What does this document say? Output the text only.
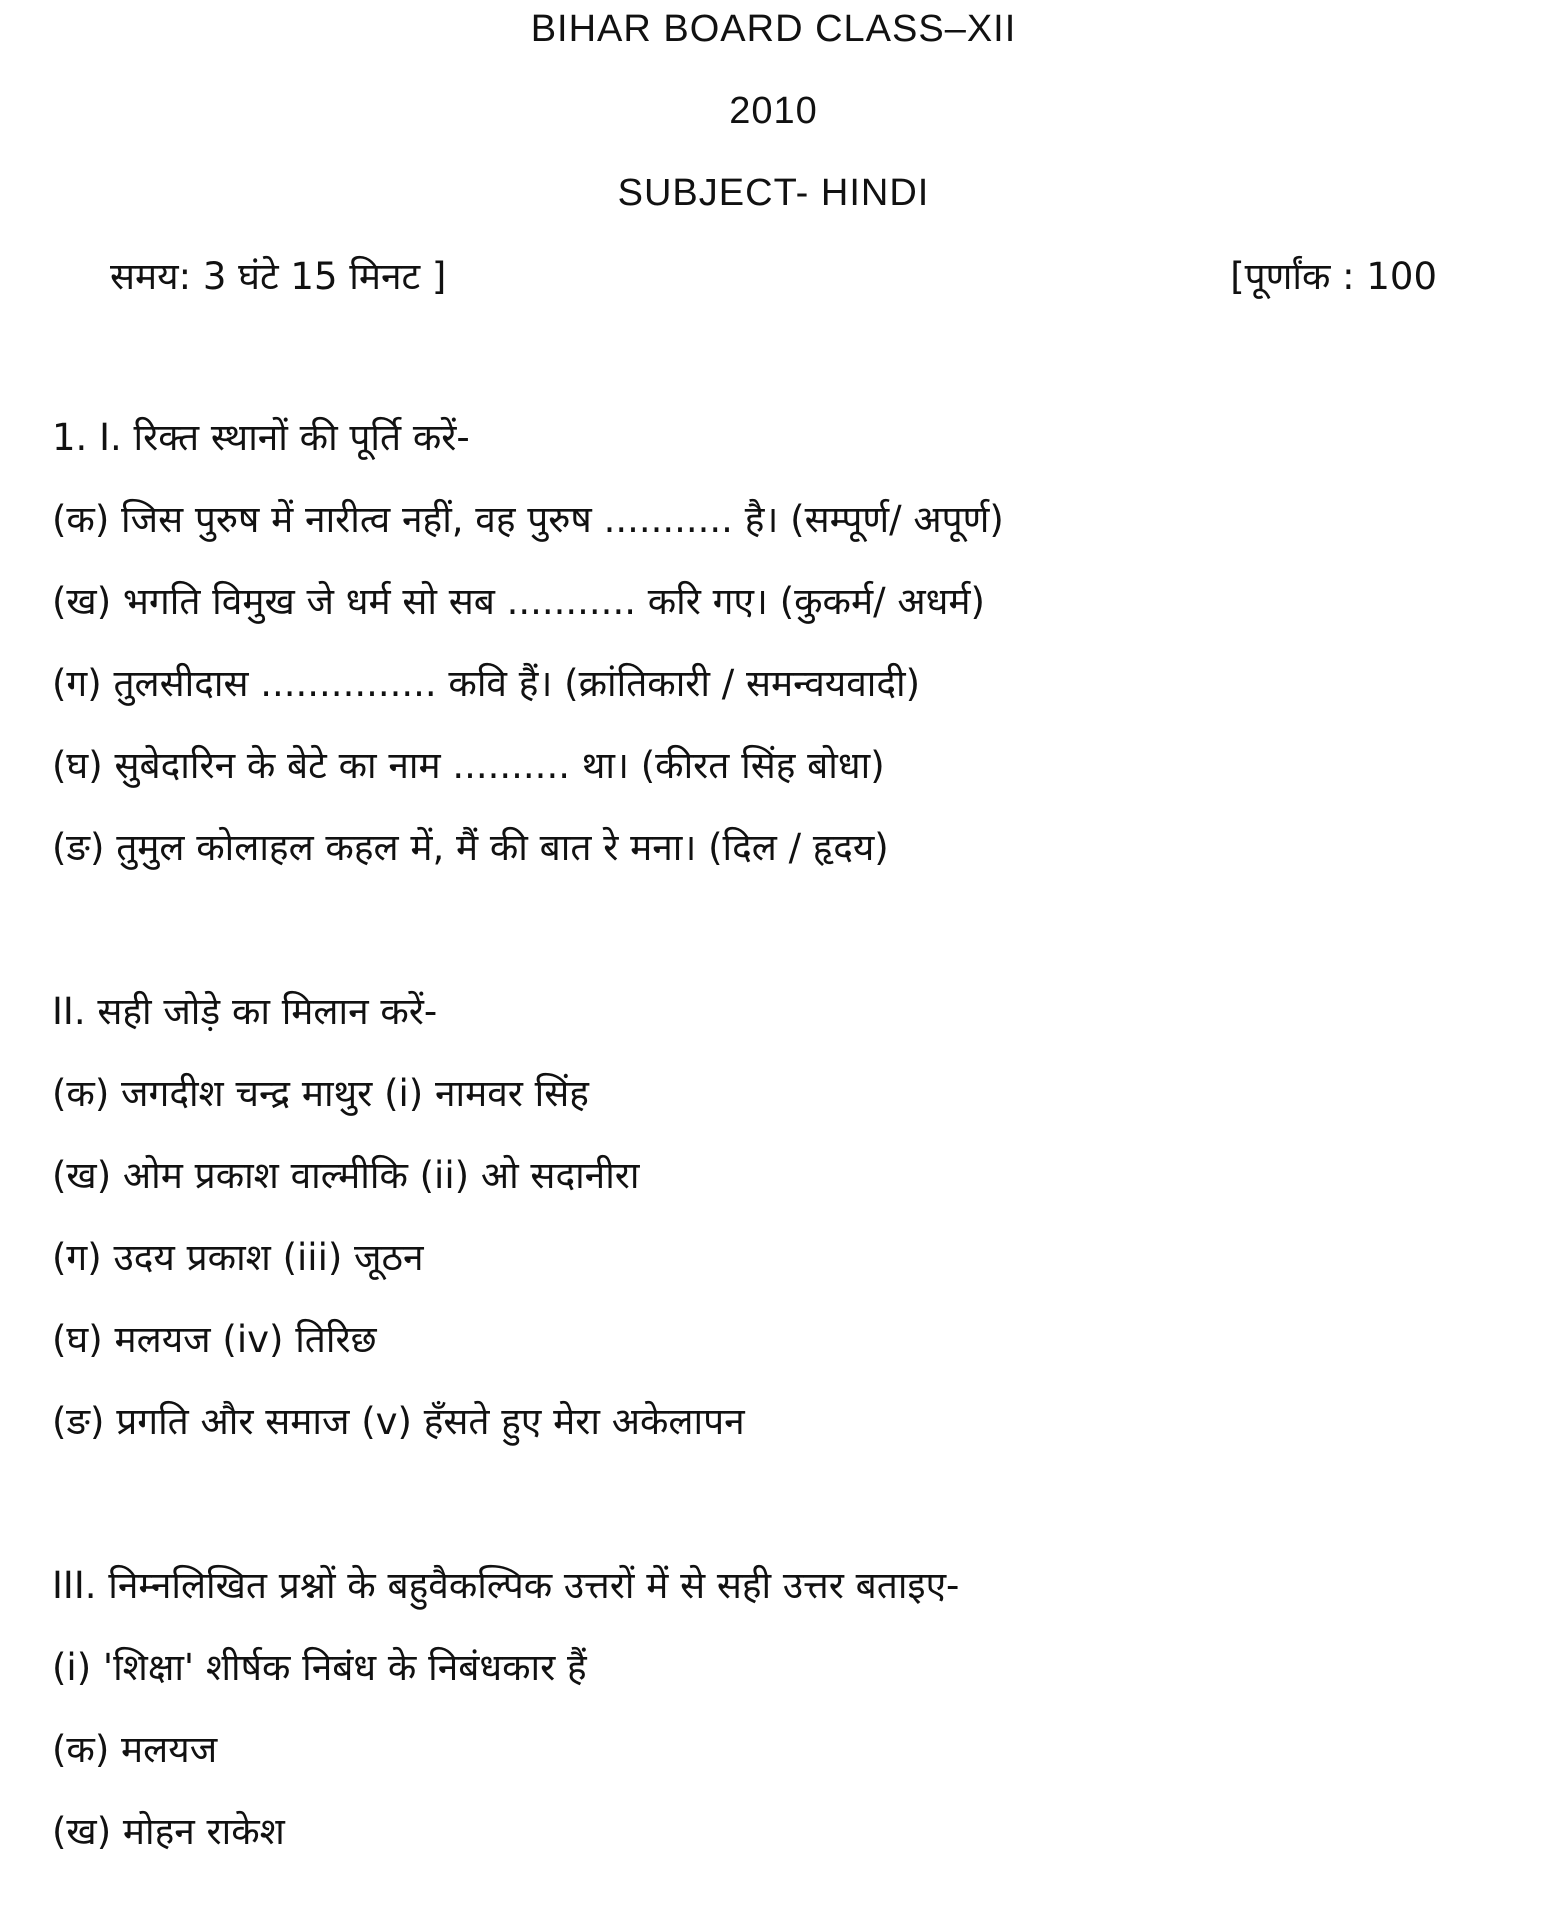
BIHAR BOARD CLASS–XII
2010
SUBJECT- HINDI
समय: 3 घंटे 15 मिनट ]	[पूर्णांक : 100
1. I. रिक्त स्थानों की पूर्ति करें-
(क) जिस पुरुष में नारीत्व नहीं, वह पुरुष ........... है। (सम्पूर्ण/ अपूर्ण)
(ख) भगति विमुख जे धर्म सो सब ........... करि गए। (कुकर्म/ अधर्म)
(ग) तुलसीदास ............... कवि हैं। (क्रांतिकारी / समन्वयवादी)
(घ) सुबेदारिन के बेटे का नाम .......... था। (कीरत सिंह बोधा)
(ङ) तुमुल कोलाहल कहल में, मैं की बात रे मना। (दिल / हृदय)
II. सही जोड़े का मिलान करें-
(क) जगदीश चन्द्र माथुर (i) नामवर सिंह
(ख) ओम प्रकाश वाल्मीकि (ii) ओ सदानीरा
(ग) उदय प्रकाश (iii) जूठन
(घ) मलयज (iv) तिरिछ
(ङ) प्रगति और समाज (v) हँसते हुए मेरा अकेलापन
III. निम्नलिखित प्रश्नों के बहुवैकल्पिक उत्तरों में से सही उत्तर बताइए-
(i) 'शिक्षा' शीर्षक निबंध के निबंधकार हैं
(क) मलयज
(ख) मोहन राकेश
